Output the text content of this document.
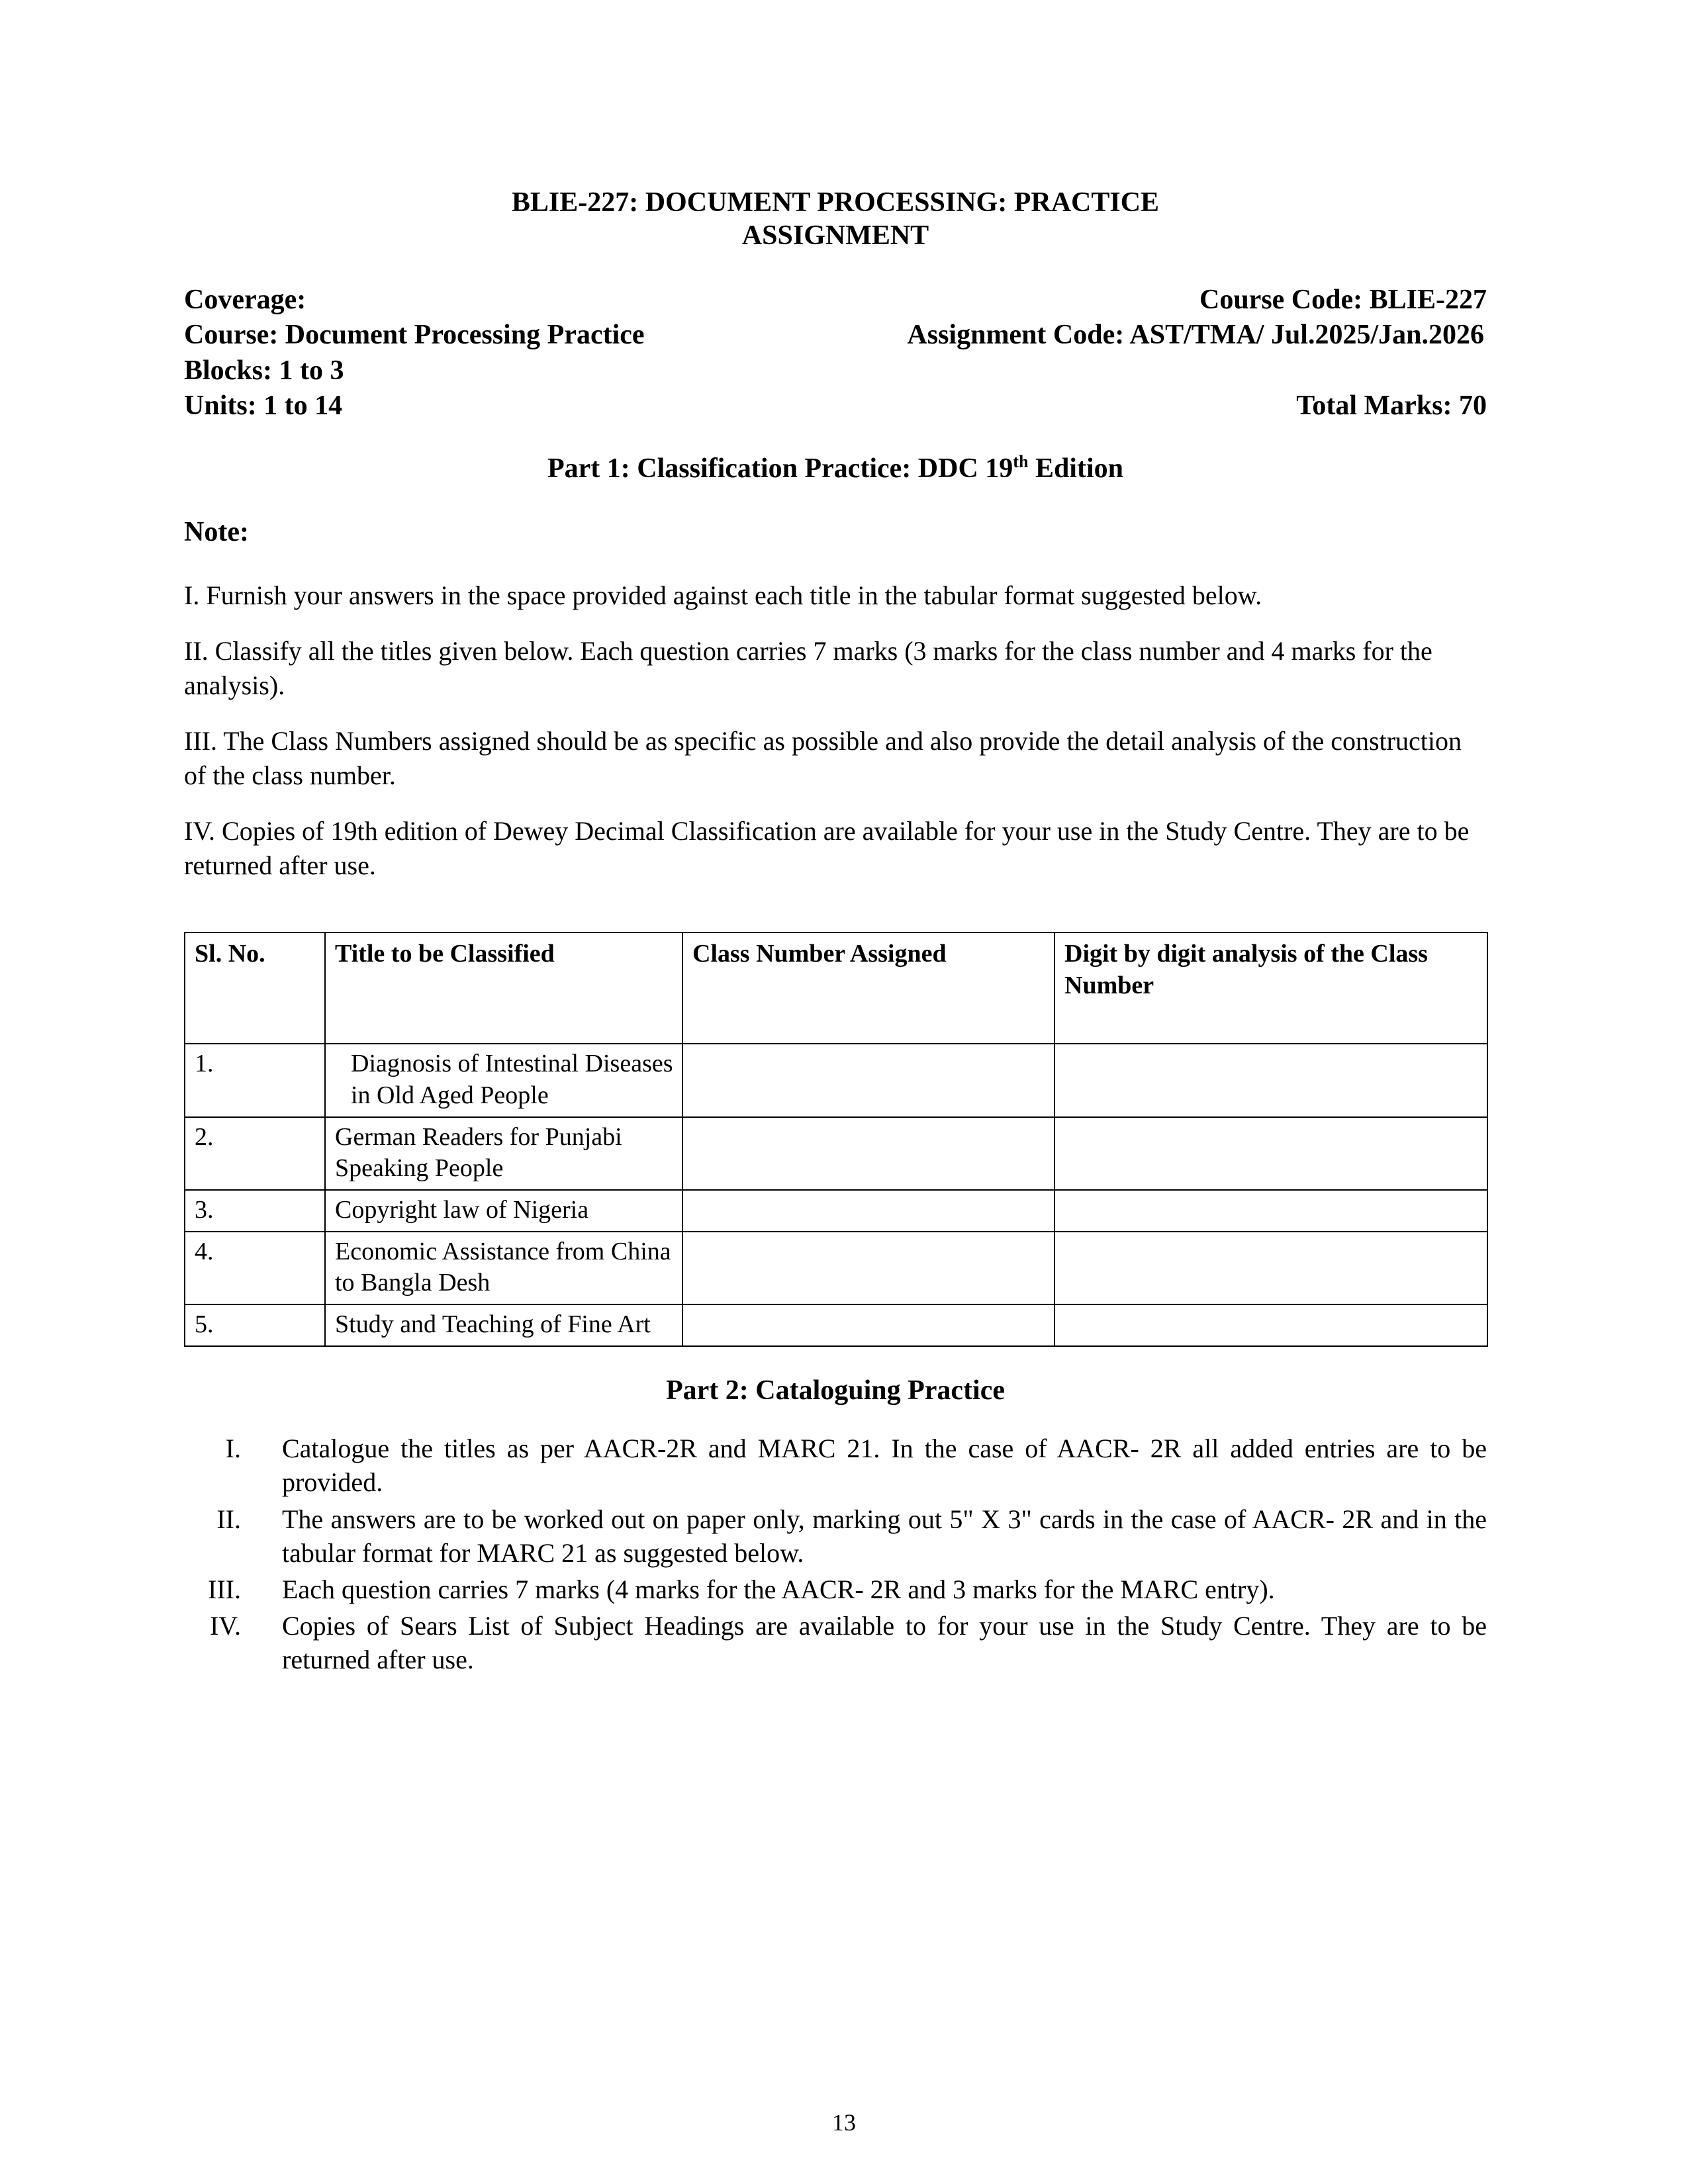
BLIE-227: DOCUMENT PROCESSING: PRACTICE
ASSIGNMENT
Coverage:	Course Code: BLIE-227
Course: Document Processing Practice	Assignment Code: AST/TMA/ Jul.2025/Jan.2026
Blocks: 1 to 3
Units: 1 to 14	Total Marks: 70
Part 1: Classification Practice: DDC 19th Edition
Note:
I. Furnish your answers in the space provided against each title in the tabular format suggested below.
II. Classify all the titles given below. Each question carries 7 marks (3 marks for the class number and 4 marks for the analysis).
III. The Class Numbers assigned should be as specific as possible and also provide the detail analysis of the construction of the class number.
IV. Copies of 19th edition of Dewey Decimal Classification are available for your use in the Study Centre. They are to be returned after use.
Sl. No.	Title to be Classified	Class Number Assigned	Digit by digit analysis of the Class Number
1.	Diagnosis of Intestinal Diseases in Old Aged People		
2.	German Readers for Punjabi Speaking People		
3.	Copyright law of Nigeria		
4.	Economic Assistance from China to Bangla Desh		
5.	Study and Teaching of Fine Art		
Part 2: Cataloguing Practice
I.	Catalogue the titles as per AACR-2R and MARC 21. In the case of AACR- 2R all added entries are to be provided.
II.	The answers are to be worked out on paper only, marking out 5" X 3" cards in the case of AACR- 2R and in the tabular format for MARC 21 as suggested below.
III.	Each question carries 7 marks (4 marks for the AACR- 2R and 3 marks for the MARC entry).
IV.	Copies of Sears List of Subject Headings are available to for your use in the Study Centre. They are to be returned after use.
13
